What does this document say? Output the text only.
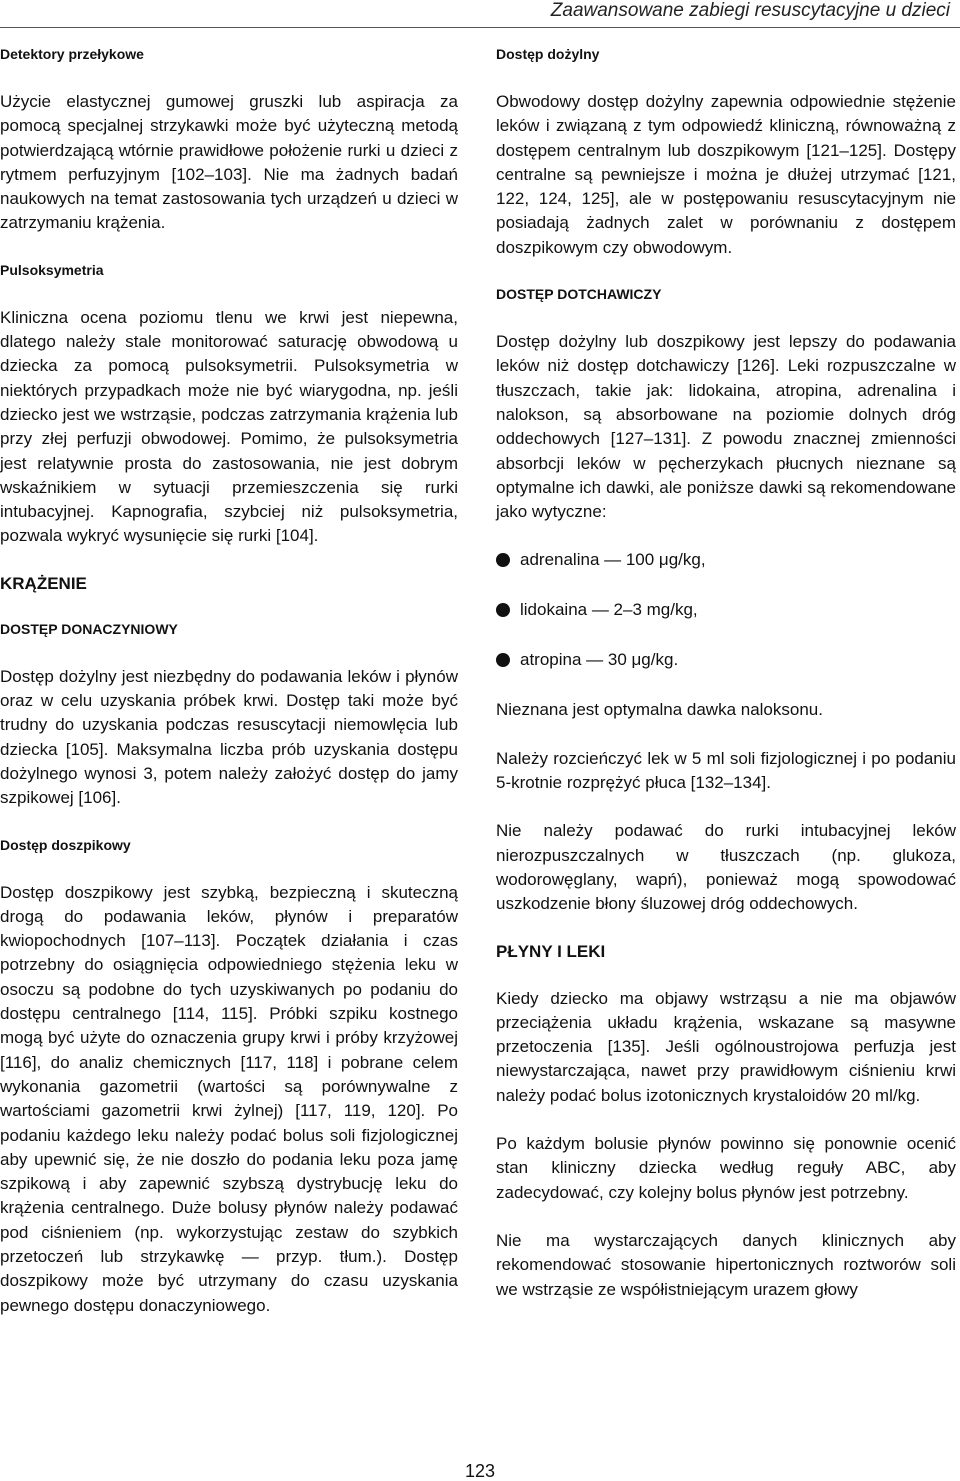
Zaawansowane zabiegi resuscytacyjne u dzieci
Detektory przełykowe

Użycie elastycznej gumowej gruszki lub aspiracja za pomocą specjalnej strzykawki może być użyteczną metodą potwierdzającą wtórnie prawidłowe położenie rurki u dzieci z rytmem perfuzyjnym [102–103]. Nie ma żadnych badań naukowych na temat zastosowania tych urządzeń u dzieci w zatrzymaniu krążenia.

Pulsoksymetria

Kliniczna ocena poziomu tlenu we krwi jest niepewna, dlatego należy stale monitorować saturację obwodową u dziecka za pomocą pulsoksymetrii. Pulsoksymetria w niektórych przypadkach może nie być wiarygodna, np. jeśli dziecko jest we wstrząsie, podczas zatrzymania krążenia lub przy złej perfuzji obwodowej. Pomimo, że pulsoksymetria jest relatywnie prosta do zastosowania, nie jest dobrym wskaźnikiem w sytuacji przemieszczenia się rurki intubacyjnej. Kapnografia, szybciej niż pulsoksymetria, pozwala wykryć wysunięcie się rurki [104].

KRĄŻENIE
DOSTĘP DONACZYNIOWY

Dostęp dożylny jest niezbędny do podawania leków i płynów oraz w celu uzyskania próbek krwi. Dostęp taki może być trudny do uzyskania podczas resuscytacji niemowlęcia lub dziecka [105]. Maksymalna liczba prób uzyskania dostępu dożylnego wynosi 3, potem należy założyć dostęp do jamy szpikowej [106].

Dostęp doszpikowy

Dostęp doszpikowy jest szybką, bezpieczną i skuteczną drogą do podawania leków, płynów i preparatów kwiopochodnych [107–113]. Początek działania i czas potrzebny do osiągnięcia odpowiedniego stężenia leku w osoczu są podobne do tych uzyskiwanych po podaniu do dostępu centralnego [114, 115]. Próbki szpiku kostnego mogą być użyte do oznaczenia grupy krwi i próby krzyżowej [116], do analiz chemicznych [117, 118] i pobrane celem wykonania gazometrii (wartości są porównywalne z wartościami gazometrii krwi żylnej) [117, 119, 120]. Po podaniu każdego leku należy podać bolus soli fizjologicznej aby upewnić się, że nie doszło do podania leku poza jamę szpikową i aby zapewnić szybszą dystrybucję leku do krążenia centralnego. Duże bolusy płynów należy podawać pod ciśnieniem (np. wykorzystując zestaw do szybkich przetoczeń lub strzykawkę — przyp. tłum.). Dostęp doszpikowy może być utrzymany do czasu uzyskania pewnego dostępu donaczyniowego.

Dostęp dożylny

Obwodowy dostęp dożylny zapewnia odpowiednie stężenie leków i związaną z tym odpowiedź kliniczną, równoważną z dostępem centralnym lub doszpikowym [121–125]. Dostępy centralne są pewniejsze i można je dłużej utrzymać [121, 122, 124, 125], ale w postępowaniu resuscytacyjnym nie posiadają żadnych zalet w porównaniu z dostępem doszpikowym czy obwodowym.

DOSTĘP DOTCHAWICZY

Dostęp dożylny lub doszpikowy jest lepszy do podawania leków niż dostęp dotchawiczy [126]. Leki rozpuszczalne w tłuszczach, takie jak: lidokaina, atropina, adrenalina i nalokson, są absorbowane na poziomie dolnych dróg oddechowych [127–131]. Z powodu znacznej zmienności absorbcji leków w pęcherzykach płucnych nieznane są optymalne ich dawki, ale poniższe dawki są rekomendowane jako wytyczne:

adrenalina — 100 μg/kg,
lidokaina — 2–3 mg/kg,
atropina — 30 μg/kg.

Nieznana jest optymalna dawka naloksonu.

Należy rozcieńczyć lek w 5 ml soli fizjologicznej i po podaniu 5-krotnie rozprężyć płuca [132–134].

Nie należy podawać do rurki intubacyjnej leków nierozpuszczalnych w tłuszczach (np. glukoza, wodorowęglany, wapń), ponieważ mogą spowodować uszkodzenie błony śluzowej dróg oddechowych.

PŁYNY I LEKI

Kiedy dziecko ma objawy wstrząsu a nie ma objawów przeciążenia układu krążenia, wskazane są masywne przetoczenia [135]. Jeśli ogólnoustrojowa perfuzja jest niewystarczająca, nawet przy prawidłowym ciśnieniu krwi należy podać bolus izotonicznych krystaloidów 20 ml/kg.

Po każdym bolusie płynów powinno się ponownie ocenić stan kliniczny dziecka według reguły ABC, aby zadecydować, czy kolejny bolus płynów jest potrzebny.

Nie ma wystarczających danych klinicznych aby rekomendować stosowanie hipertonicznych roztworów soli we wstrząsie ze współistniejącym urazem głowy

123
